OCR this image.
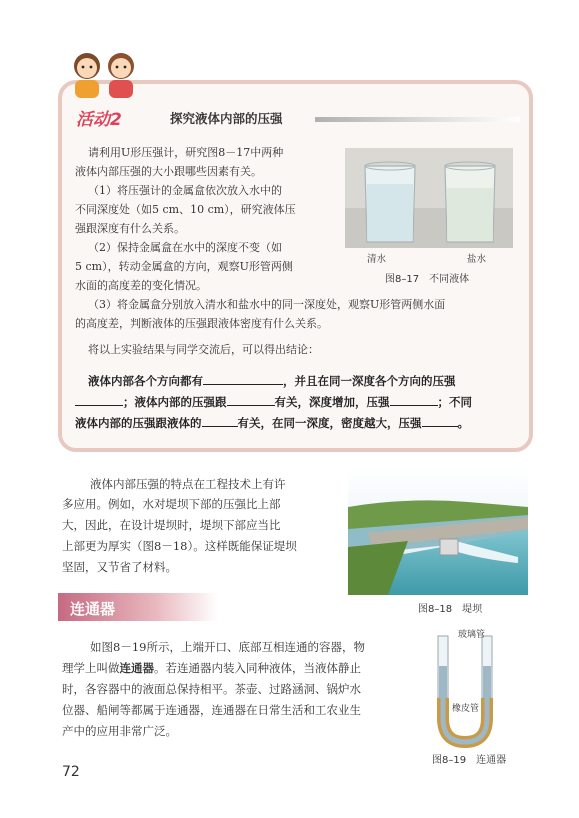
活动2	探究液体内部的压强
请利用U形压强计，研究图8－17中两种
液体内部压强的大小跟哪些因素有关。
（1）将压强计的金属盒依次放入水中的
不同深度处（如5 cm、10 cm），研究液体压
强跟深度有什么关系。
（2）保持金属盒在水中的深度不变（如
5 cm），转动金属盒的方向，观察U形管两侧
水面的高度差的变化情况。
（3）将金属盒分别放入清水和盐水中的同一深度处，观察U形管两侧水面
的高度差，判断液体的压强跟液体密度有什么关系。
将以上实验结果与同学交流后，可以得出结论：
液体内部各个方向都有	，并且在同一深度各个方向的压强
；液体内部的压强跟	有关，深度增加，压强	；不同
液体内部的压强跟液体的	有关，在同一深度，密度越大，压强	。
清水	盐水
图8–17　不同液体
液体内部压强的特点在工程技术上有许
多应用。例如，水对堤坝下部的压强比上部
大，因此，在设计堤坝时，堤坝下部应当比
上部更为厚实（图8－18）。这样既能保证堤坝
坚固，又节省了材料。
图8–18　堤坝
连通器
如图8－19所示，上端开口、底部互相连通的容器，物
理学上叫做连通器。若连通器内装入同种液体，当液体静止
时，各容器中的液面总保持相平。茶壶、过路涵洞、锅炉水
位器、船闸等都属于连通器，连通器在日常生活和工农业生
产中的应用非常广泛。
玻璃管
橡皮管
图8–19　连通器
72
